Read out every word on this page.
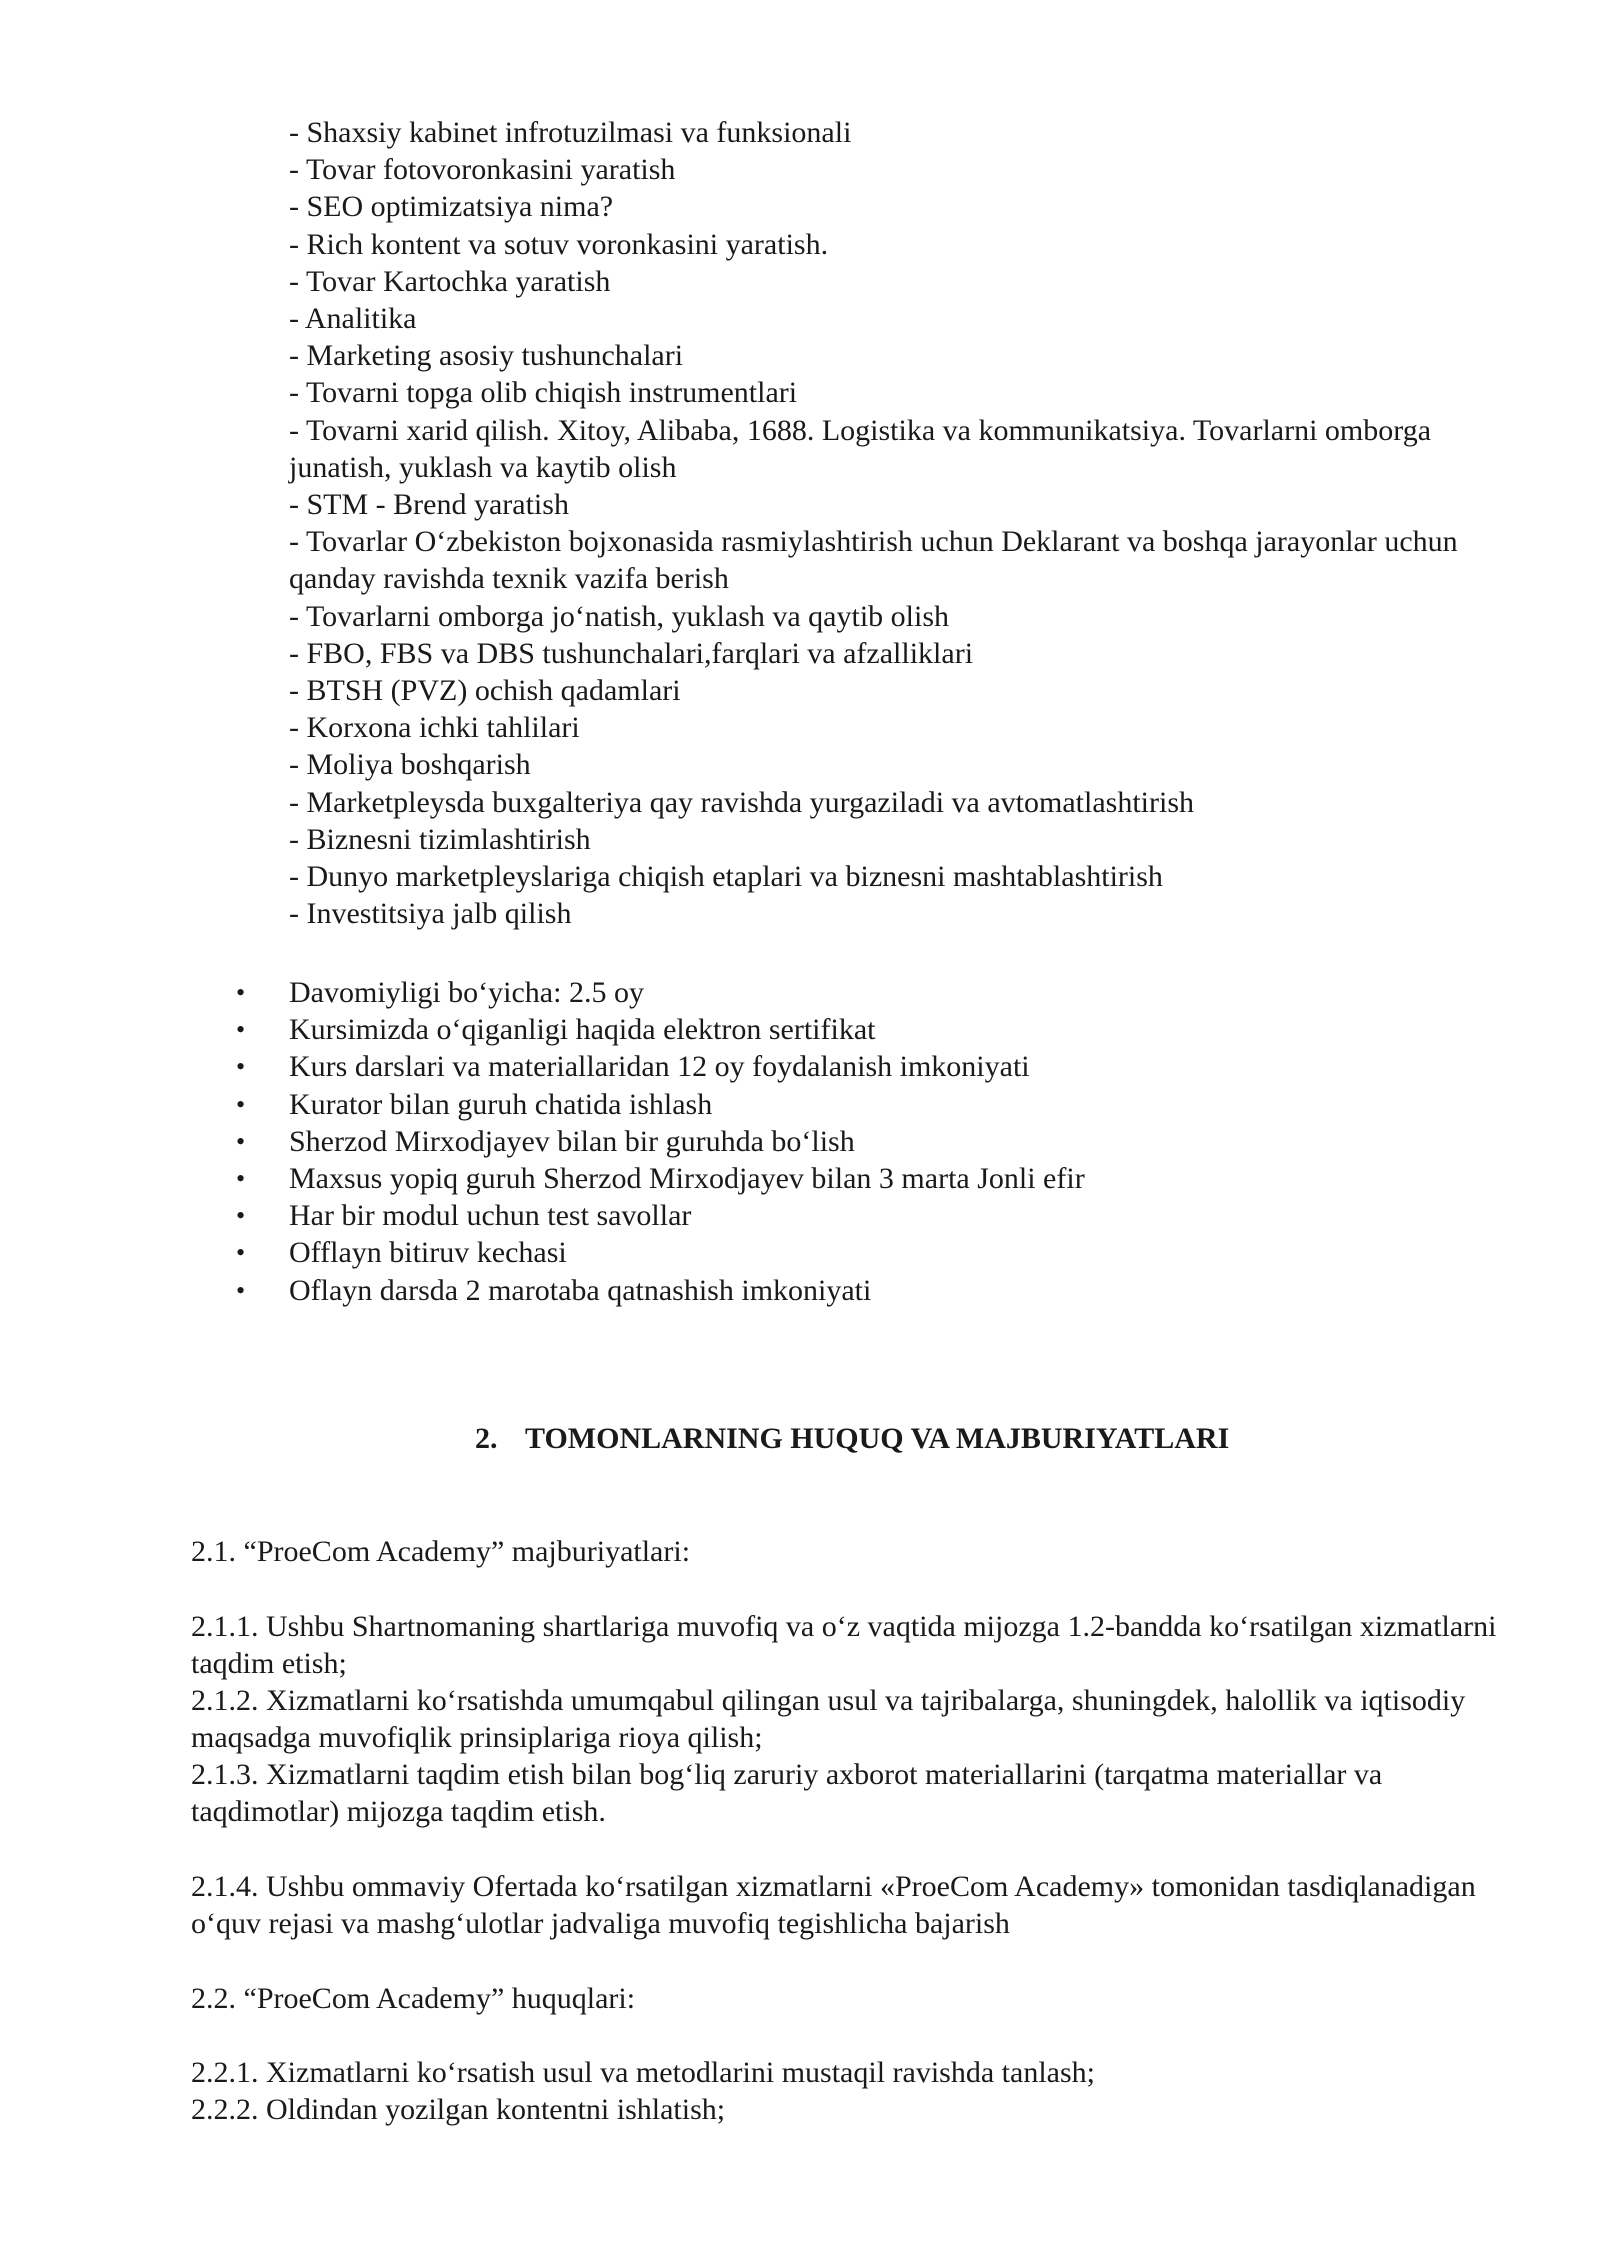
- Shaxsiy kabinet infrotuzilmasi va funksionali
- Tovar fotovoronkasini yaratish
- SEO optimizatsiya nima?
- Rich kontent va sotuv voronkasini yaratish.
- Tovar Kartochka yaratish
- Analitika
- Marketing asosiy tushunchalari
- Tovarni topga olib chiqish instrumentlari
- Tovarni xarid qilish. Xitoy, Alibaba, 1688. Logistika va kommunikatsiya. Tovarlarni omborga junatish, yuklash va kaytib olish
- STM - Brend yaratish
- Tovarlar O‘zbekiston bojxonasida rasmiylashtirish uchun Deklarant va boshqa jarayonlar uchun qanday ravishda texnik vazifa berish
- Tovarlarni omborga jo‘natish, yuklash va qaytib olish
- FBO, FBS va DBS tushunchalari,farqlari va afzalliklari
- BTSH (PVZ) ochish qadamlari
- Korxona ichki tahlilari
- Moliya boshqarish
- Marketpleysda buxgalteriya qay ravishda yurgaziladi va avtomatlashtirish
- Biznesni tizimlashtirish
- Dunyo marketpleyslariga chiqish etaplari va biznesni mashtablashtirish
- Investitsiya jalb qilish
• Davomiyligi bo‘yicha: 2.5 oy
• Kursimizda o‘qiganligi haqida elektron sertifikat
• Kurs darslari va materiallaridan 12 oy foydalanish imkoniyati
• Kurator bilan guruh chatida ishlash
• Sherzod Mirxodjayev bilan bir guruhda bo‘lish
• Maxsus yopiq guruh Sherzod Mirxodjayev bilan 3 marta Jonli efir
• Har bir modul uchun test savollar
• Offlayn bitiruv kechasi
• Oflayn darsda 2 marotaba qatnashish imkoniyati
2. TOMONLARNING HUQUQ VA MAJBURIYATLARI

2.1. “ProeCom Academy” majburiyatlari:

2.1.1. Ushbu Shartnomaning shartlariga muvofiq va o‘z vaqtida mijozga 1.2-bandda ko‘rsatilgan xizmatlarni taqdim etish;

2.1.2. Xizmatlarni ko‘rsatishda umumqabul qilingan usul va tajribalarga, shuningdek, halollik va iqtisodiy maqsadga muvofiqlik prinsiplariga rioya qilish;

2.1.3. Xizmatlarni taqdim etish bilan bog‘liq zaruriy axborot materiallarini (tarqatma materiallar va taqdimotlar) mijozga taqdim etish.

2.1.4. Ushbu ommaviy Ofertada ko‘rsatilgan xizmatlarni «ProeCom Academy» tomonidan tasdiqlanadigan o‘quv rejasi va mashg‘ulotlar jadvaliga muvofiq tegishlicha bajarish

2.2. “ProeCom Academy” huquqlari:

2.2.1. Xizmatlarni ko‘rsatish usul va metodlarini mustaqil ravishda tanlash;

2.2.2. Oldindan yozilgan kontentni ishlatish;
